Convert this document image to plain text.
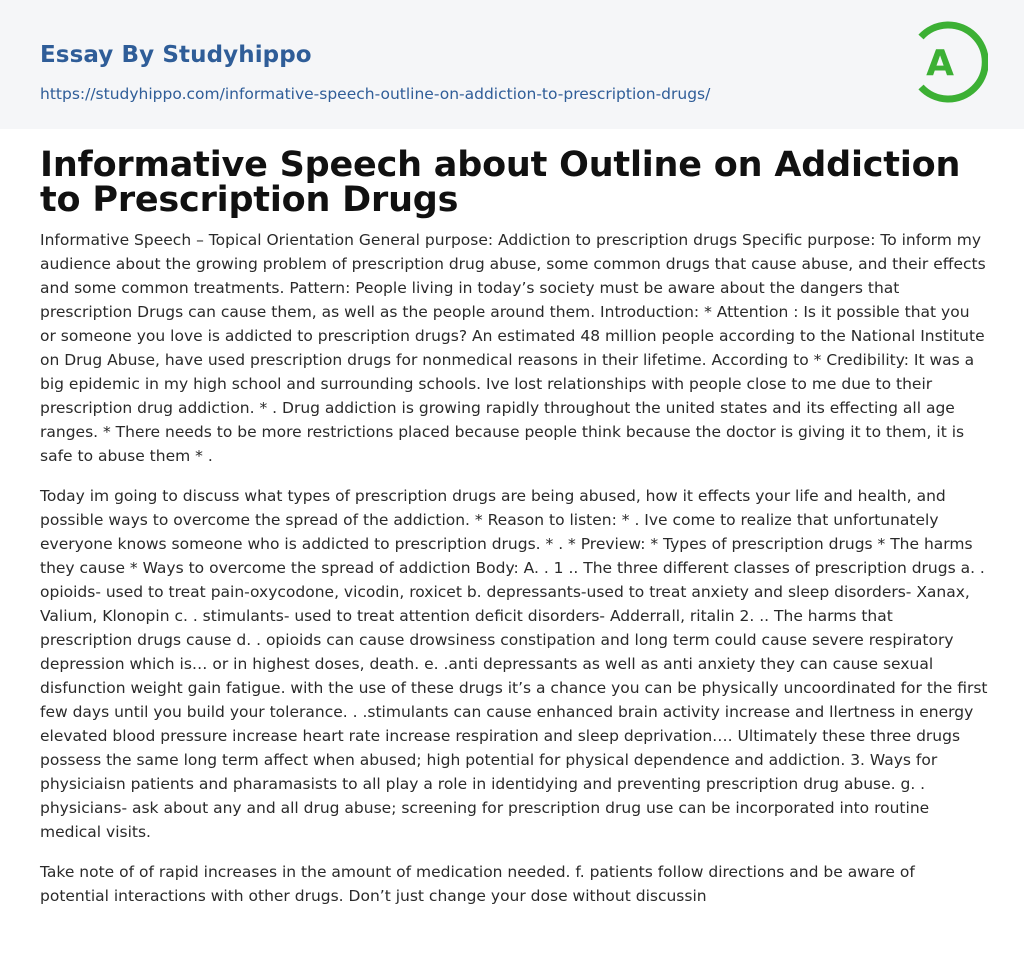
Essay By Studyhippo
https://studyhippo.com/informative-speech-outline-on-addiction-to-prescription-drugs/
A
Informative Speech about Outline on Addiction to Prescription Drugs

Informative Speech – Topical Orientation General purpose: Addiction to prescription drugs Specific purpose: To inform my audience about the growing problem of prescription drug abuse, some common drugs that cause abuse, and their effects and some common treatments. Pattern: People living in today’s society must be aware about the dangers that prescription Drugs can cause them, as well as the people around them. Introduction: * Attention : Is it possible that you or someone you love is addicted to prescription drugs? An estimated 48 million people according to the National Institute on Drug Abuse, have used prescription drugs for nonmedical reasons in their lifetime. According to * Credibility: It was a big epidemic in my high school and surrounding schools. Ive lost relationships with people close to me due to their prescription drug addiction. * . Drug addiction is growing rapidly throughout the united states and its effecting all age ranges. * There needs to be more restrictions placed because people think because the doctor is giving it to them, it is safe to abuse them * .

Today im going to discuss what types of prescription drugs are being abused, how it effects your life and health, and possible ways to overcome the spread of the addiction. * Reason to listen: * . Ive come to realize that unfortunately everyone knows someone who is addicted to prescription drugs. * . * Preview: * Types of prescription drugs * The harms they cause * Ways to overcome the spread of addiction Body: A. . 1 .. The three different classes of prescription drugs a. . opioids- used to treat pain-oxycodone, vicodin, roxicet b. depressants-used to treat anxiety and sleep disorders- Xanax, Valium, Klonopin c. . stimulants- used to treat attention deficit disorders- Adderrall, ritalin 2. .. The harms that prescription drugs cause d. . opioids can cause drowsiness constipation and long term could cause severe respiratory depression which is… or in highest doses, death. e. .anti depressants as well as anti anxiety they can cause sexual disfunction weight gain fatigue. with the use of these drugs it’s a chance you can be physically uncoordinated for the first few days until you build your tolerance. . .stimulants can cause enhanced brain activity increase and llertness in energy elevated blood pressure increase heart rate increase respiration and sleep deprivation…. Ultimately these three drugs possess the same long term affect when abused; high potential for physical dependence and addiction. 3. Ways for physiciaisn patients and pharamasists to all play a role in identidying and preventing prescription drug abuse. g. . physicians- ask about any and all drug abuse; screening for prescription drug use can be incorporated into routine medical visits.

Take note of of rapid increases in the amount of medication needed. f. patients follow directions and be aware of potential interactions with other drugs. Don’t just change your dose without discussin
